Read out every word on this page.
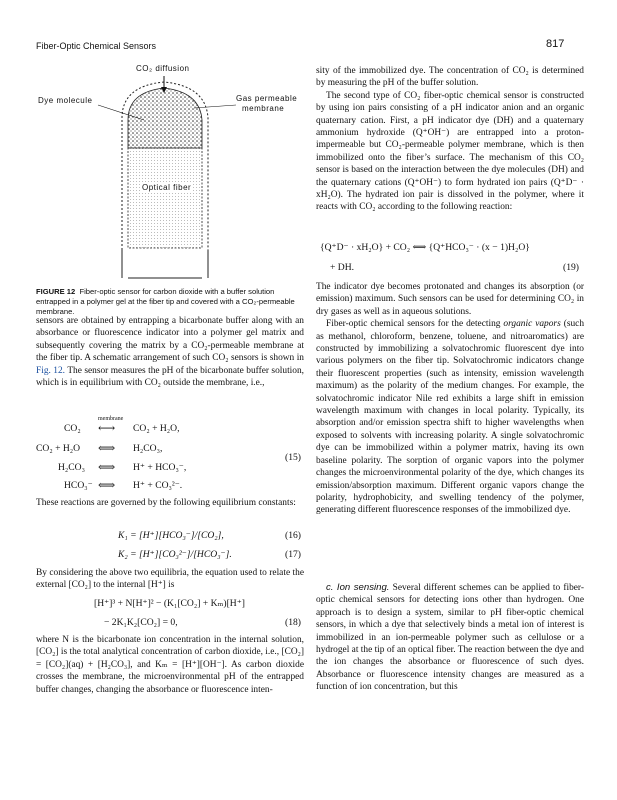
Fiber-Optic Chemical Sensors	817
CO₂ diffusion
Dye molecule	Gas permeable
membrane
Optical fiber
FIGURE 12 Fiber-optic sensor for carbon dioxide with a buffer solution entrapped in a polymer gel at the fiber tip and covered with a CO₂-permeable membrane.

sensors are obtained by entrapping a bicarbonate buffer along with an absorbance or fluorescence indicator into a polymer gel matrix and subsequently covering the matrix by a CO₂-permeable membrane at the fiber tip. A schematic arrangement of such CO₂ sensors is shown in Fig. 12. The sensor measures the pH of the bicarbonate buffer solution, which is in equilibrium with CO₂ outside the membrane, i.e.,

membrane
CO₂ ⟷ CO₂ + H₂O,
CO₂ + H₂O ⟺ H₂CO₃,
H₂CO₃ ⟺ H⁺ + HCO₃⁻,
HCO₃⁻ ⟺ H⁺ + CO₃²⁻.
(15)
These reactions are governed by the following equilibrium constants:
K₁ = [H⁺][HCO₃⁻]/[CO₂],	(16)
K₂ = [H⁺][CO₃²⁻]/[HCO₃⁻].	(17)
By considering the above two equilibria, the equation used to relate the external [CO₂] to the internal [H⁺] is
[H⁺]³ + N[H⁺]² − (K₁[CO₂] + Kₘ)[H⁺]
− 2K₁K₂[CO₂] = 0,	(18)
where N is the bicarbonate ion concentration in the internal solution, [CO₂] is the total analytical concentration of carbon dioxide, i.e., [CO₂] = [CO₂](aq) + [H₂CO₃], and Kₘ = [H⁺][OH⁻]. As carbon dioxide crosses the membrane, the microenvironmental pH of the entrapped buffer changes, changing the absorbance or fluorescence inten-

sity of the immobilized dye. The concentration of CO₂ is determined by measuring the pH of the buffer solution.

The second type of CO₂ fiber-optic chemical sensor is constructed by using ion pairs consisting of a pH indicator anion and an organic quaternary cation. First, a pH indicator dye (DH) and a quaternary ammonium hydroxide (Q⁺OH⁻) are entrapped into a proton-impermeable but CO₂-permeable polymer membrane, which is then immobilized onto the fiber’s surface. The mechanism of this CO₂ sensor is based on the interaction between the dye molecules (DH) and the quaternary cations (Q⁺OH⁻) to form hydrated ion pairs (Q⁺D⁻ · xH₂O). The hydrated ion pair is dissolved in the polymer, where it reacts with CO₂ according to the following reaction:

{Q⁺D⁻ · xH₂O} + CO₂ ⟺ {Q⁺HCO₃⁻ · (x − 1)H₂O}
+ DH.	(19)

The indicator dye becomes protonated and changes its absorption (or emission) maximum. Such sensors can be used for determining CO₂ in dry gases as well as in aqueous solutions.

Fiber-optic chemical sensors for the detecting organic vapors (such as methanol, chloroform, benzene, toluene, and nitroaromatics) are constructed by immobilizing a solvatochromic fluorescent dye into various polymers on the fiber tip. Solvatochromic indicators change their fluorescent properties (such as intensity, emission wavelength maximum) as the polarity of the medium changes. For example, the solvatochromic indicator Nile red exhibits a large shift in emission wavelength maximum with changes in local polarity. Typically, its absorption and/or emission spectra shift to higher wavelengths when exposed to solvents with increasing polarity. A single solvatochromic dye can be immobilized within a polymer matrix, having its own baseline polarity. The sorption of organic vapors into the polymer changes the microenvironmental polarity of the dye, which changes its emission/absorption maximum. Different organic vapors change the polarity, hydrophobicity, and swelling tendency of the polymer, generating different fluorescence responses of the immobilized dye.

c. Ion sensing. Several different schemes can be applied to fiber-optic chemical sensors for detecting ions other than hydrogen. One approach is to design a system, similar to pH fiber-optic chemical sensors, in which a dye that selectively binds a metal ion of interest is immobilized in an ion-permeable polymer such as cellulose or a hydrogel at the tip of an optical fiber. The reaction between the dye and the ion changes the absorbance or fluorescence of such dyes. Absorbance or fluorescence intensity changes are measured as a function of ion concentration, but this
